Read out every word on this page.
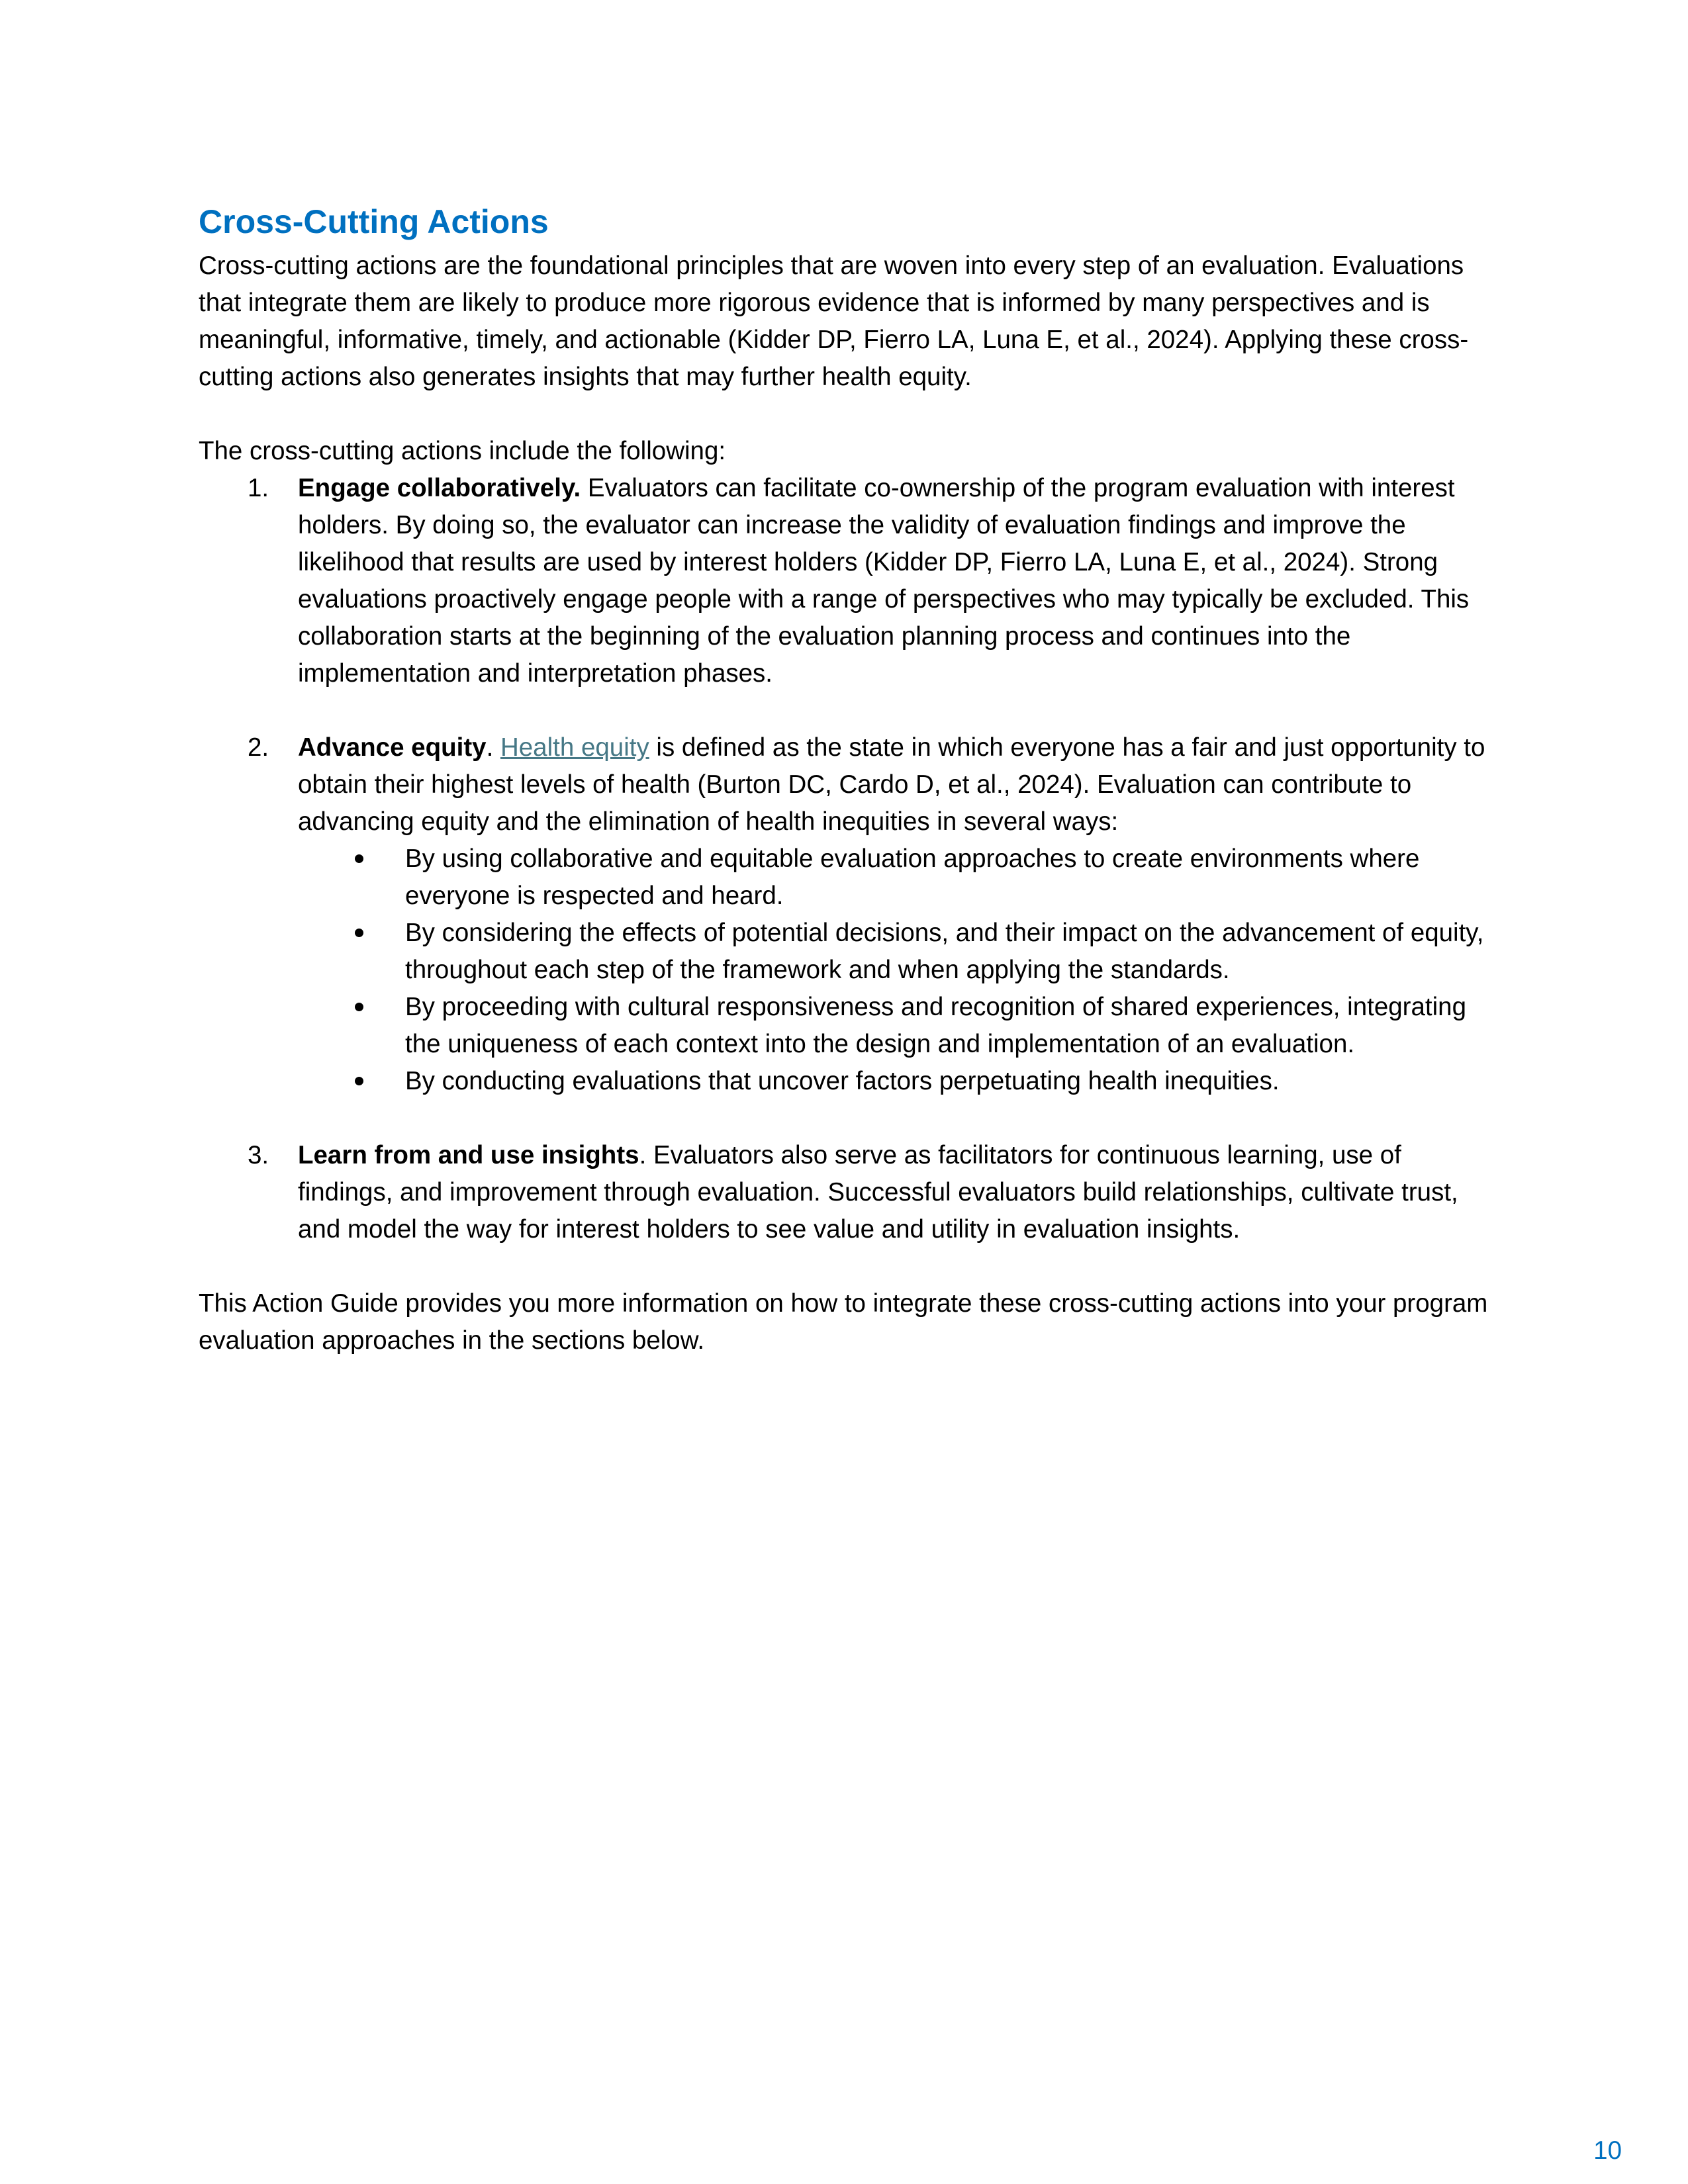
Cross-Cutting Actions

Cross-cutting actions are the foundational principles that are woven into every step of an evaluation. Evaluations that integrate them are likely to produce more rigorous evidence that is informed by many perspectives and is meaningful, informative, timely, and actionable (Kidder DP, Fierro LA, Luna E, et al., 2024). Applying these cross-cutting actions also generates insights that may further health equity.

The cross-cutting actions include the following:

1. Engage collaboratively. Evaluators can facilitate co-ownership of the program evaluation with interest holders. By doing so, the evaluator can increase the validity of evaluation findings and improve the likelihood that results are used by interest holders (Kidder DP, Fierro LA, Luna E, et al., 2024). Strong evaluations proactively engage people with a range of perspectives who may typically be excluded. This collaboration starts at the beginning of the evaluation planning process and continues into the implementation and interpretation phases.

2. Advance equity. Health equity is defined as the state in which everyone has a fair and just opportunity to obtain their highest levels of health (Burton DC, Cardo D, et al., 2024). Evaluation can contribute to advancing equity and the elimination of health inequities in several ways:

By using collaborative and equitable evaluation approaches to create environments where everyone is respected and heard.
By considering the effects of potential decisions, and their impact on the advancement of equity, throughout each step of the framework and when applying the standards.
By proceeding with cultural responsiveness and recognition of shared experiences, integrating the uniqueness of each context into the design and implementation of an evaluation.
By conducting evaluations that uncover factors perpetuating health inequities.
3. Learn from and use insights. Evaluators also serve as facilitators for continuous learning, use of findings, and improvement through evaluation. Successful evaluators build relationships, cultivate trust, and model the way for interest holders to see value and utility in evaluation insights.

This Action Guide provides you more information on how to integrate these cross-cutting actions into your program evaluation approaches in the sections below.

10
